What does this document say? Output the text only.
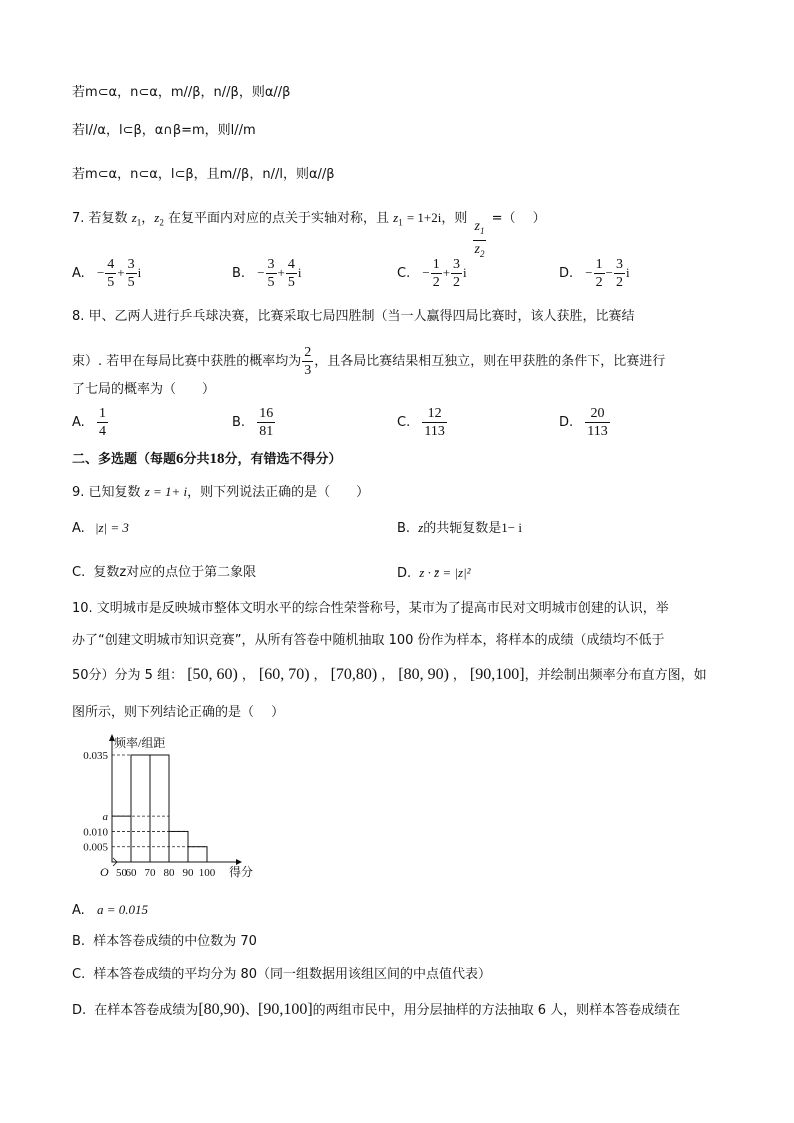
若m⊂α，n⊂α，m//β，n//β，则α//β
若l//α，l⊂β，α∩β=m，则l//m
若m⊂α，n⊂α，l⊂β，且m//β，n//l，则α//β
7. 若复数 $z_1$，$z_2$ 在复平面内对应的点关于实轴对称，且 $z_1 = 1+2i$，则 $\frac{z_1}{z_2}$ =（　 ）
A. − $\frac{4}{5} + \frac{3}{5}$ i	B. − $\frac{3}{5} + \frac{4}{5}$ i	C. − $\frac{1}{2} + \frac{3}{2}$ i	D. − $\frac{1}{2} - \frac{3}{2}$ i
8. 甲、乙两人进行乒乓球决赛，比赛采取七局四胜制（当一人赢得四局比赛时，该人获胜，比赛结
束）. 若甲在每局比赛中获胜的概率均为 $\frac{2}{3}$ ，且各局比赛结果相互独立，则在甲获胜的条件下，比赛进行
了七局的概率为（　　）
A. $\frac{1}{4}$	B. $\frac{16}{81}$	C. $\frac{12}{113}$	D. $\frac{20}{113}$
二、多选题（每题6分共18分，有错选不得分）
9. 已知复数 z = 1+ i，则下列说法正确的是（　　）
A. |z| = 3	B. z的共轭复数是1− i
C. 复数z对应的点位于第二象限	D. z · z̄ = |z|²
10. 文明城市是反映城市整体文明水平的综合性荣誉称号，某市为了提高市民对文明城市创建的认识，举
办了“创建文明城市知识竞赛”，从所有答卷中随机抽取 100 份作为样本，将样本的成绩（成绩均不低于
50分）分为 5 组： [50, 60) ， [60, 70) ， [70,80) ， [80, 90) ， [90,100]，并绘制出频率分布直方图，如
图所示，则下列结论正确的是（　 ）
频率/组距
0.005
0.010
a
0.035
O 50
60 70 80 90 100 得分
A. a = 0.015
B. 样本答卷成绩的中位数为 70
C. 样本答卷成绩的平均分为 80（同一组数据用该组区间的中点值代表）
D. 在样本答卷成绩为[80,90)、[90,100]的两组市民中，用分层抽样的方法抽取 6 人，则样本答卷成绩在
